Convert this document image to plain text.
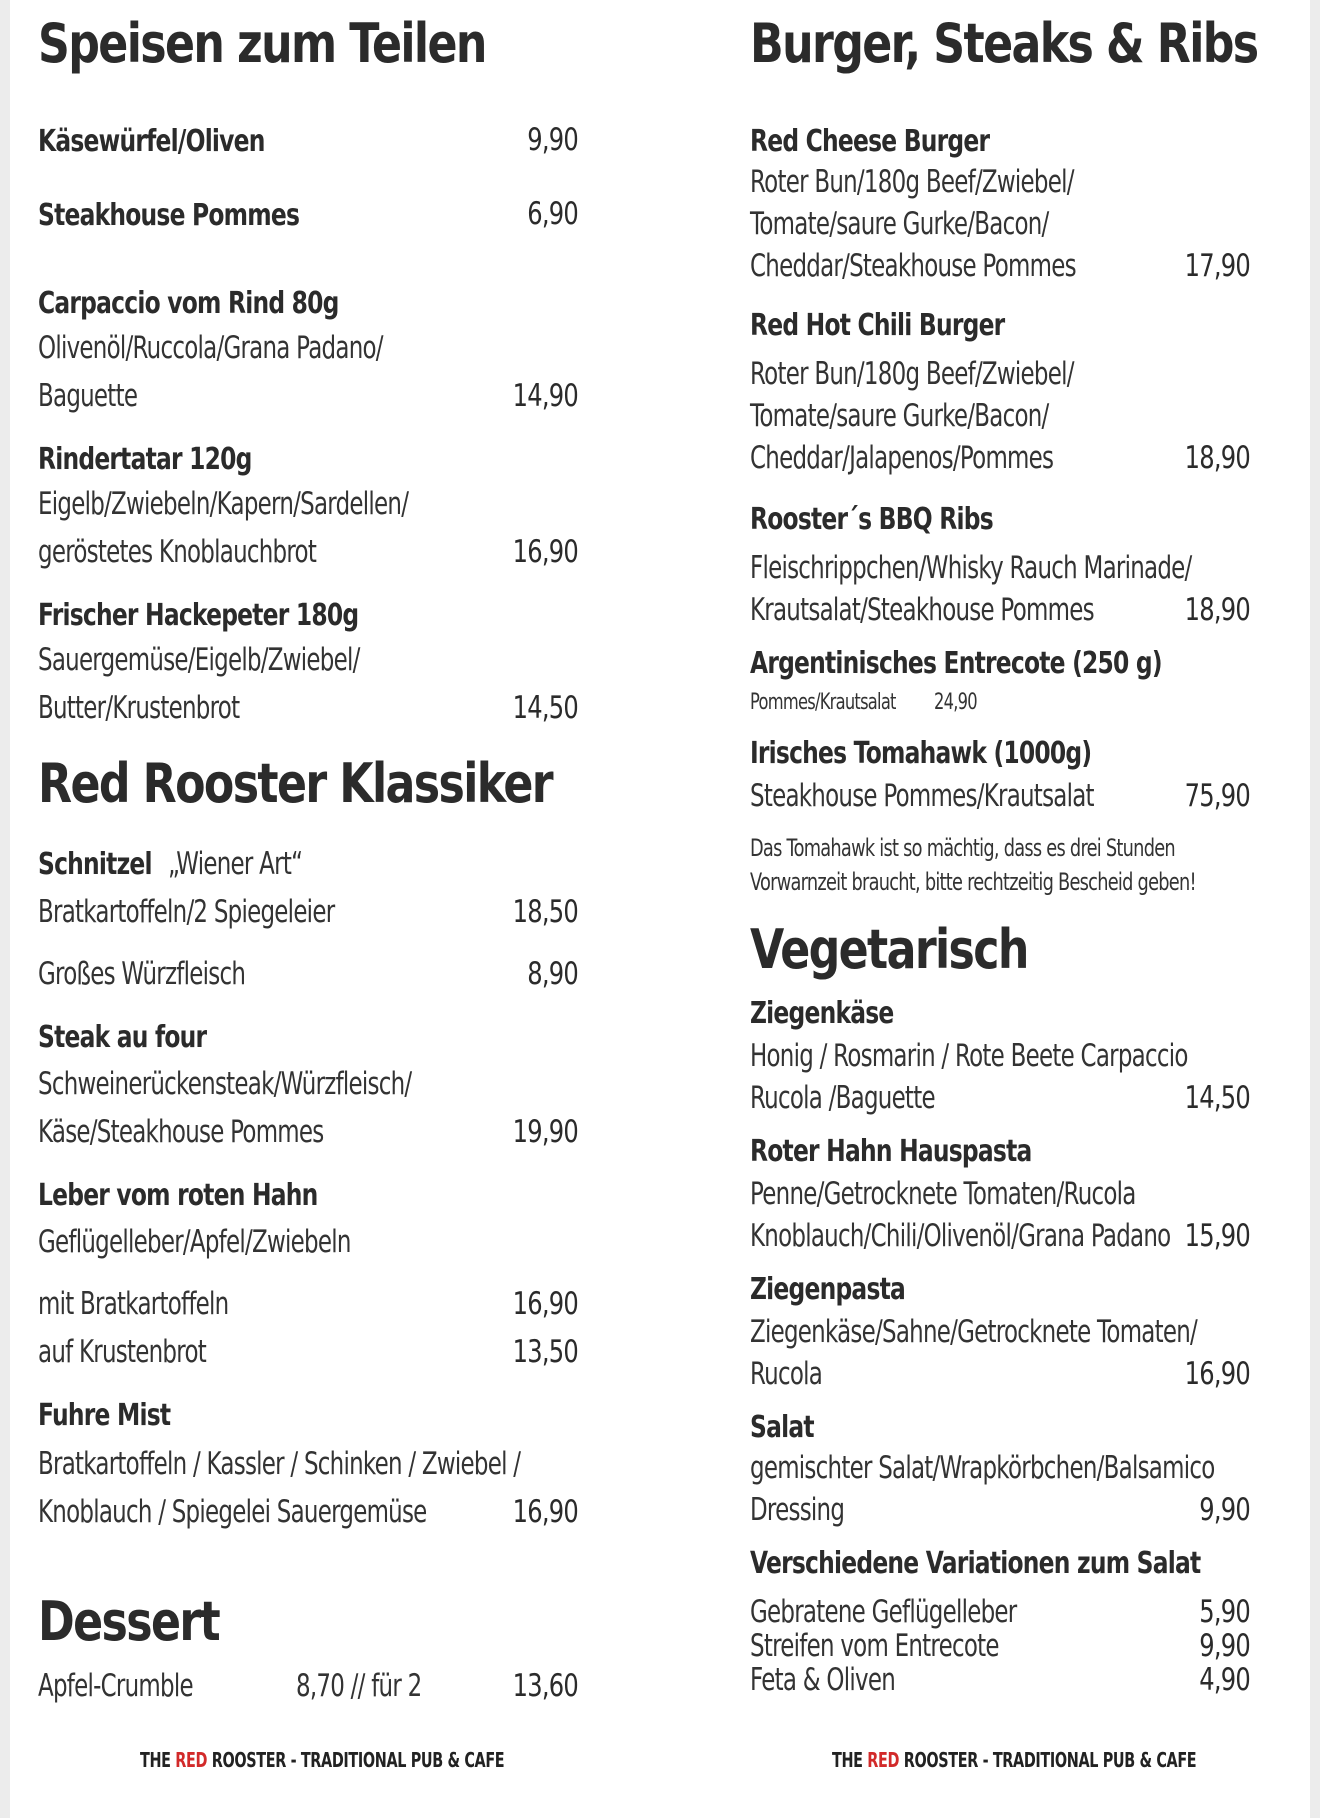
Speisen zum Teilen
Käsewürfel/Oliven	9,90
Steakhouse Pommes	6,90
Carpaccio vom Rind 80g
Olivenöl/Ruccola/Grana Padano/
Baguette	14,90
Rindertatar 120g
Eigelb/Zwiebeln/Kapern/Sardellen/
geröstetes Knoblauchbrot	16,90
Frischer Hackepeter 180g
Sauergemüse/Eigelb/Zwiebel/
Butter/Krustenbrot	14,50
Red Rooster Klassiker
Schnitzel „Wiener Art“
Bratkartoffeln/2 Spiegeleier	18,50
Großes Würzfleisch	8,90
Steak au four
Schweinerückensteak/Würzfleisch/
Käse/Steakhouse Pommes	19,90
Leber vom roten Hahn
Geflügelleber/Apfel/Zwiebeln
mit Bratkartoffeln	16,90
auf Krustenbrot	13,50
Fuhre Mist
Bratkartoffeln / Kassler / Schinken / Zwiebel /
Knoblauch / Spiegelei Sauergemüse	16,90
Dessert
Apfel-Crumble	8,70 // für 2	13,60
THE RED ROOSTER - TRADITIONAL PUB & CAFE
Burger, Steaks & Ribs
Red Cheese Burger
Roter Bun/180g Beef/Zwiebel/
Tomate/saure Gurke/Bacon/
Cheddar/Steakhouse Pommes	17,90
Red Hot Chili Burger
Roter Bun/180g Beef/Zwiebel/
Tomate/saure Gurke/Bacon/
Cheddar/Jalapenos/Pommes	18,90
Rooster´s BBQ Ribs
Fleischrippchen/Whisky Rauch Marinade/
Krautsalat/Steakhouse Pommes	18,90
Argentinisches Entrecote (250 g)
Pommes/Krautsalat 24,90
Irisches Tomahawk (1000g)
Steakhouse Pommes/Krautsalat	75,90
Das Tomahawk ist so mächtig, dass es drei Stunden
Vorwarnzeit braucht, bitte rechtzeitig Bescheid geben!
Vegetarisch
Ziegenkäse
Honig / Rosmarin / Rote Beete Carpaccio
Rucola /Baguette	14,50
Roter Hahn Hauspasta
Penne/Getrocknete Tomaten/Rucola
Knoblauch/Chili/Olivenöl/Grana Padano 15,90
Ziegenpasta
Ziegenkäse/Sahne/Getrocknete Tomaten/
Rucola	16,90
Salat
gemischter Salat/Wrapkörbchen/Balsamico
Dressing	9,90
Verschiedene Variationen zum Salat
Gebratene Geflügelleber	5,90
Streifen vom Entrecote	9,90
Feta & Oliven	4,90
THE RED ROOSTER - TRADITIONAL PUB & CAFE
